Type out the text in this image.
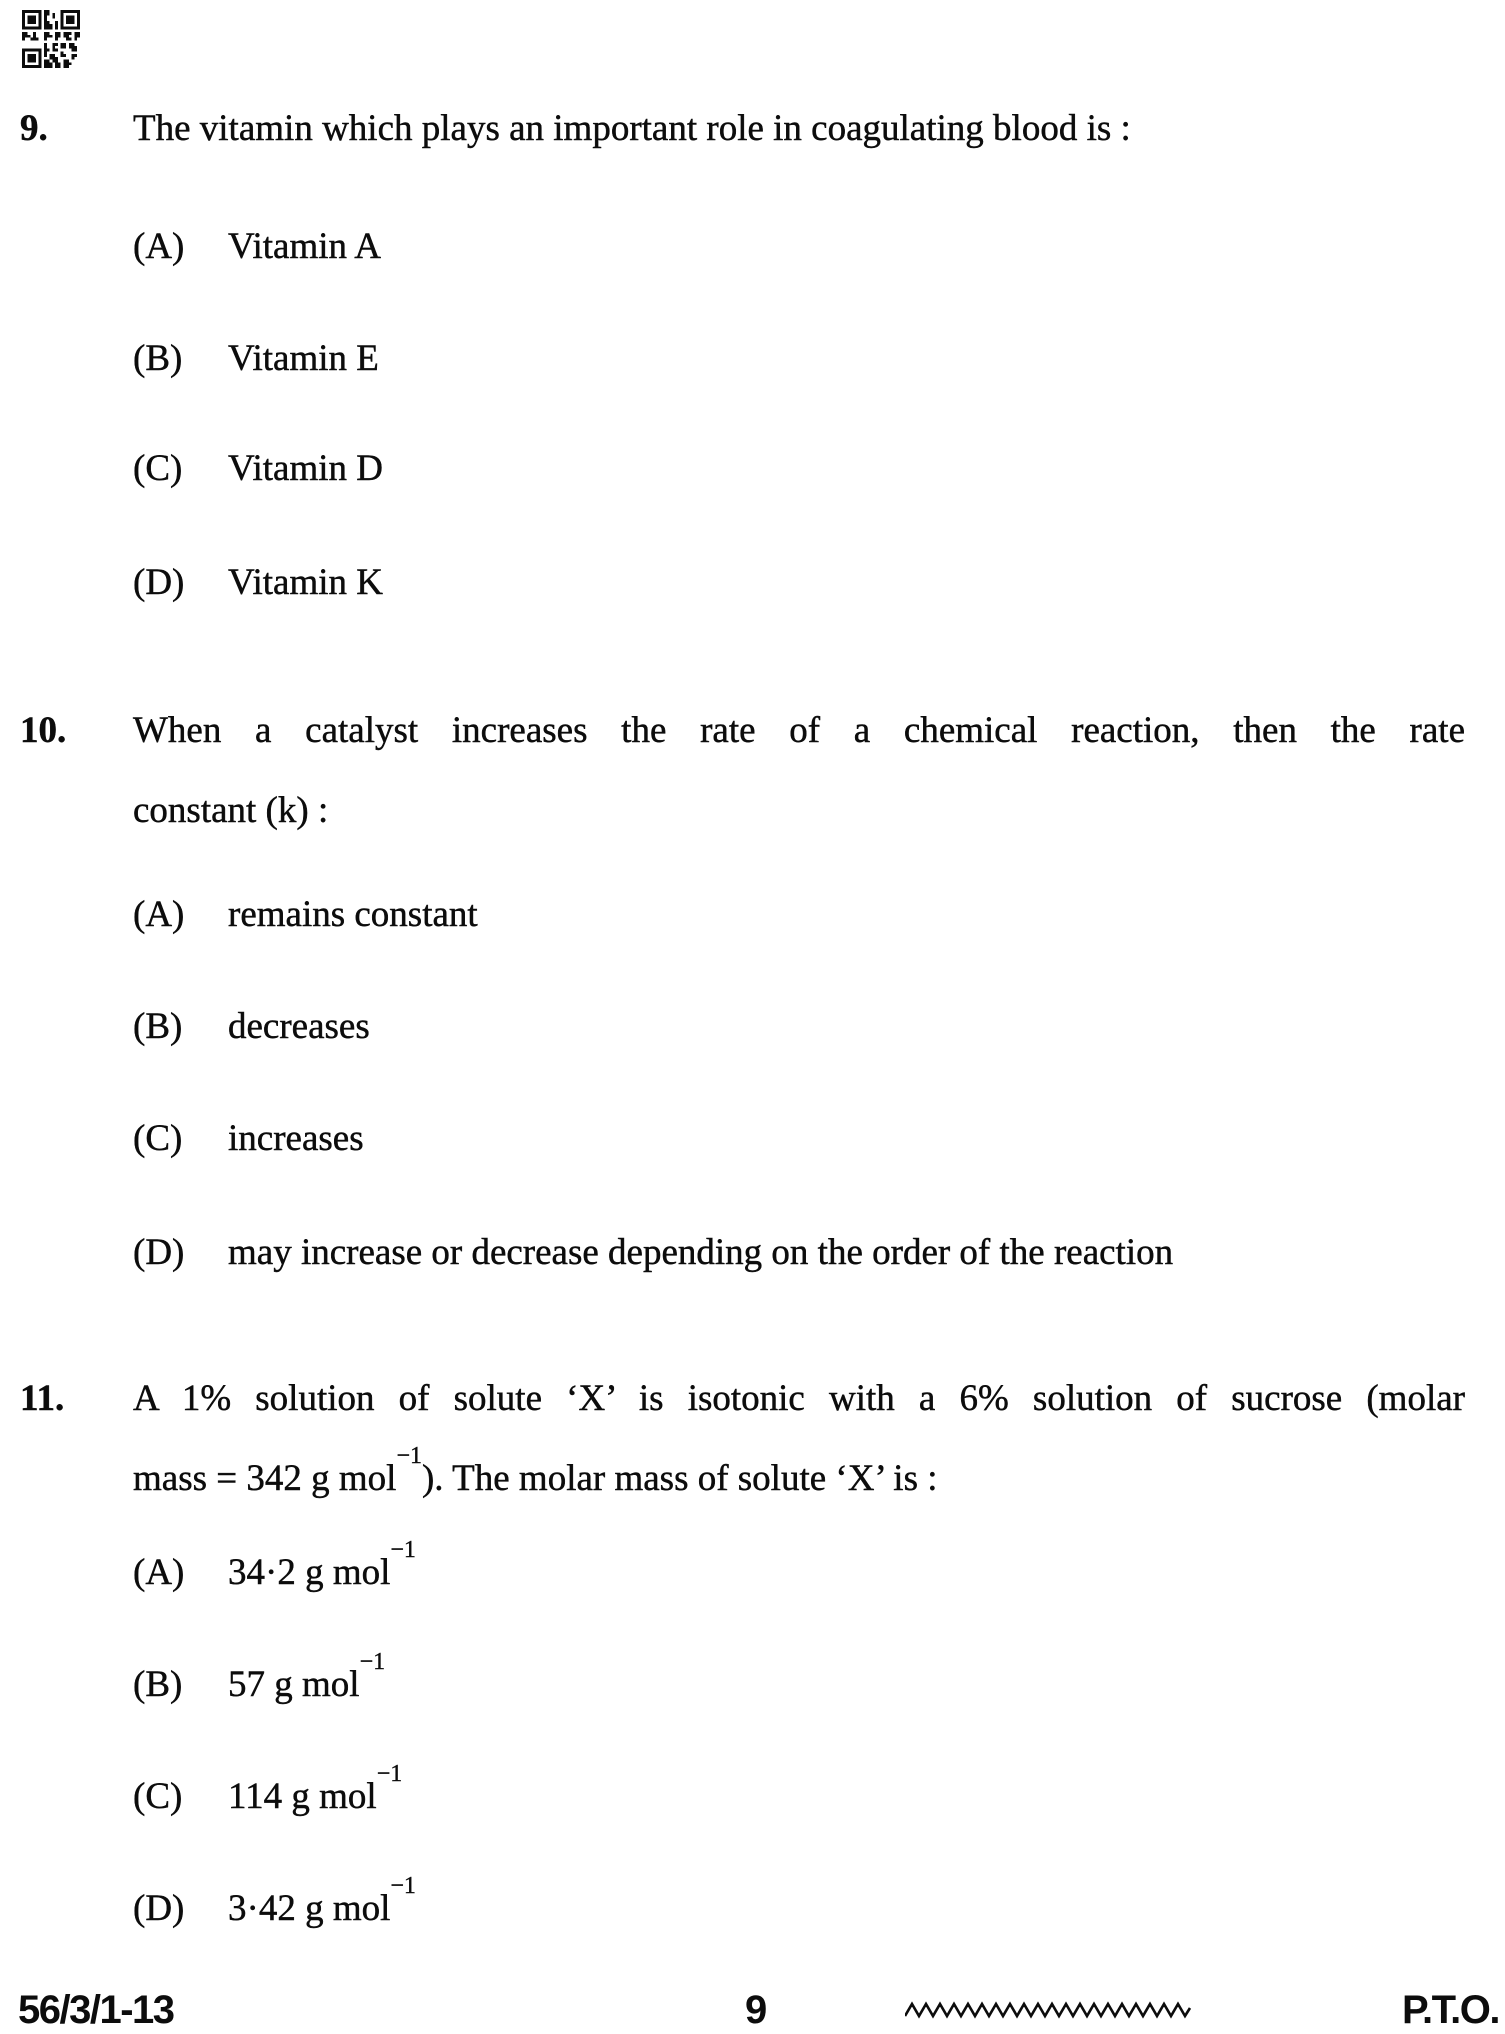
9.	The vitamin which plays an important role in coagulating blood is :
(A)	Vitamin A
(B)	Vitamin E
(C)	Vitamin D
(D)	Vitamin K
10.	When a catalyst increases the rate of a chemical reaction, then the rate
constant (k) :
(A)	remains constant
(B)	decreases
(C)	increases
(D)	may increase or decrease depending on the order of the reaction
11.	A 1% solution of solute ‘X’ is isotonic with a 6% solution of sucrose (molar
mass = 342 g mol$^{-1}$). The molar mass of solute ‘X’ is :
(A)	34·2 g mol$^{-1}$
(B)	57 g mol$^{-1}$
(C)	114 g mol$^{-1}$
(D)	3·42 g mol$^{-1}$
56/3/1-13	9	P.T.O.
